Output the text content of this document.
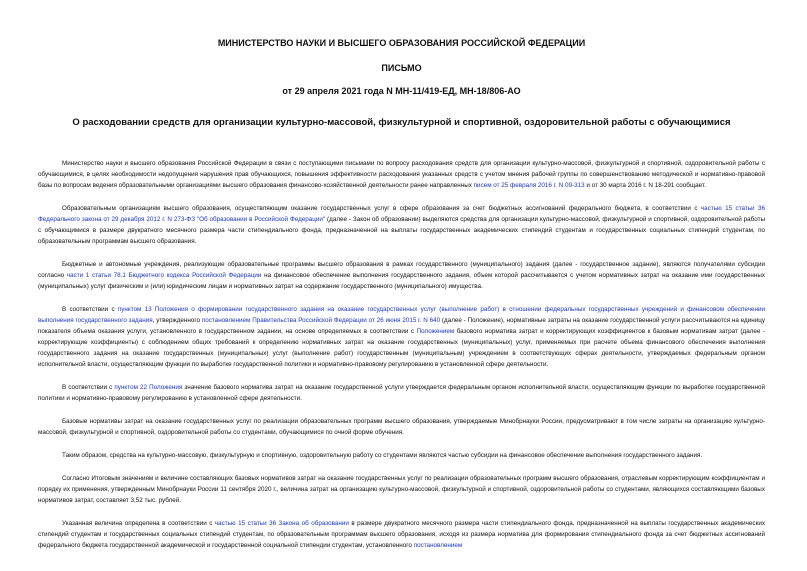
МИНИСТЕРСТВО НАУКИ И ВЫСШЕГО ОБРАЗОВАНИЯ РОССИЙСКОЙ ФЕДЕРАЦИИ
ПИСЬМО
от 29 апреля 2021 года N МН-11/419-ЕД, МН-18/806-АО
О расходовании средств для организации культурно-массовой, физкультурной и спортивной, оздоровительной работы с обучающимися

Министерство науки и высшего образования Российской Федерации в связи с поступающими письмами по вопросу расходования средств для организации культурно-массовой, физкультурной и спортивной, оздоровительной работы с обучающимися, в целях необходимости недопущения нарушения прав обучающихся, повышения эффективности расходования указанных средств с учетом мнения рабочей группы по совершенствованию методической и нормативно-правовой базы по вопросам ведения образовательными организациями высшего образования финансово-хозяйственной деятельности ранее направленных писем от 25 февраля 2016 г. N 09-313 и от 30 марта 2016 г. N 18-291 сообщает.

Образовательным организациям высшего образования, осуществляющим оказание государственных услуг в сфере образования за счет бюджетных ассигнований федерального бюджета, в соответствии с частью 15 статьи 36 Федерального закона от 29 декабря 2012 г. N 273-ФЗ "Об образовании в Российской Федерации" (далее - Закон об образовании) выделяются средства для организации культурно-массовой, физкультурной и спортивной, оздоровительной работы с обучающимися в размере двукратного месячного размера части стипендиального фонда, предназначенной на выплаты государственных академических стипендий студентам и государственных социальных стипендий студентам, по образовательным программам высшего образования.

Бюджетные и автономные учреждения, реализующие образовательные программы высшего образования в рамках государственного (муниципального) задания (далее - государственное задание), являются получателями субсидии согласно части 1 статьи 78.1 Бюджетного кодекса Российской Федерации на финансовое обеспечение выполнения государственного задания, объем которой рассчитывается с учетом нормативных затрат на оказание ими государственных (муниципальных) услуг физическим и (или) юридическим лицам и нормативных затрат на содержание государственного (муниципального) имущества.

В соответствии с пунктом 13 Положения о формировании государственного задания на оказание государственных услуг (выполнение работ) в отношении федеральных государственных учреждений и финансовом обеспечении выполнения государственного задания, утвержденного постановлением Правительства Российской Федерации от 26 июня 2015 г. N 640 (далее - Положение), нормативные затраты на оказание государственной услуги рассчитываются на единицу показателя объема оказания услуги, установленного в государственном задании, на основе определяемых в соответствии с Положением базового норматива затрат и корректирующих коэффициентов к базовым нормативам затрат (далее - корректирующие коэффициенты) с соблюдением общих требований к определению нормативных затрат на оказание государственных (муниципальных) услуг, применяемых при расчете объема финансового обеспечения выполнения государственного задания на оказание государственных (муниципальных) услуг (выполнение работ) государственным (муниципальным) учреждением в соответствующих сферах деятельности, утверждаемых федеральным органом исполнительной власти, осуществляющим функции по выработке государственной политики и нормативно-правовому регулированию в установленной сфере деятельности.

В соответствии с пунктом 22 Положения значение базового норматива затрат на оказание государственной услуги утверждается федеральным органом исполнительной власти, осуществляющим функции по выработке государственной политики и нормативно-правовому регулированию в установленной сфере деятельности.

Базовые нормативы затрат на оказание государственных услуг по реализации образовательных программ высшего образования, утверждаемые Минобрнауки России, предусматривают в том числе затраты на организацию культурно-массовой, физкультурной и спортивной, оздоровительной работы со студентами, обучающимися по очной форме обучения.

Таким образом, средства на культурно-массовую, физкультурную и спортивную, оздоровительную работу со студентами являются частью субсидии на финансовое обеспечение выполнения государственного задания.

Согласно Итоговым значениям и величине составляющих базовых нормативов затрат на оказание государственных услуг по реализации образовательных программ высшего образования, отраслевым корректирующим коэффициентам и порядку их применения, утвержденным Минобрнауки России 11 сентября 2020 г., величина затрат на организацию культурно-массовой, физкультурной и спортивной, оздоровительной работы со студентами, являющихся составляющими базовых нормативов затрат, составляет 3,52 тыс. рублей.

Указанная величина определена в соответствии с частью 15 статьи 36 Закона об образовании в размере двукратного месячного размера части стипендиального фонда, предназначенной на выплаты государственных академических стипендий студентам и государственных социальных стипендий студентам, по образовательным программам высшего образования, исходя из размера норматива для формирования стипендиального фонда за счет бюджетных ассигнований федерального бюджета государственной академической и государственной социальной стипендии студентам, установленного постановлением
